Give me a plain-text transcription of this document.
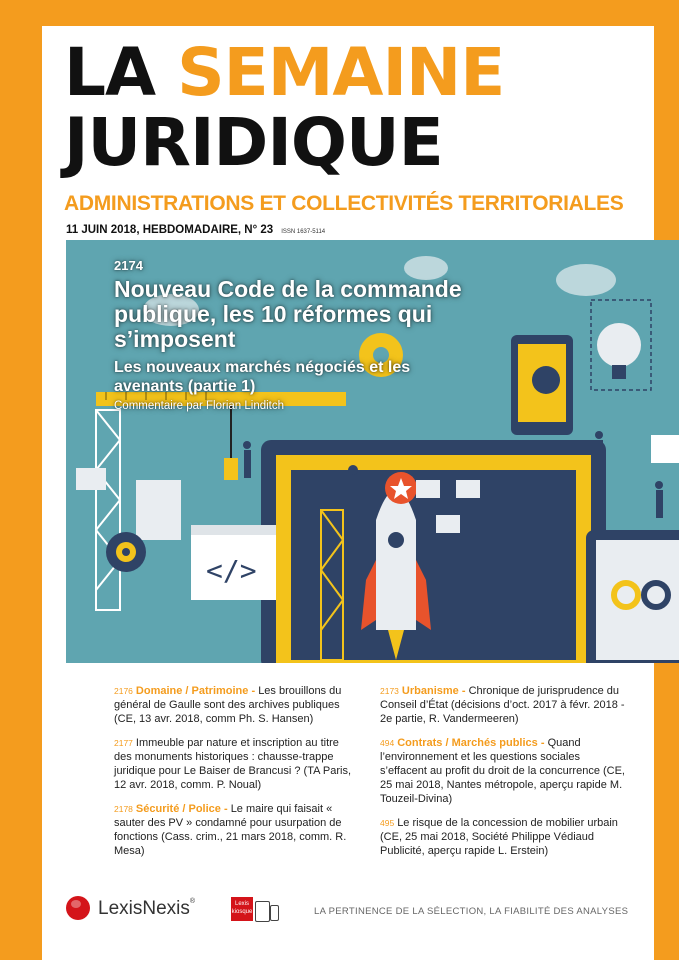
LA SEMAINE
JURIDIQUE
ADMINISTRATIONS ET COLLECTIVITÉS TERRITORIALES
11 JUIN 2018, HEBDOMADAIRE, N° 23 ISSN 1637-5114
</>
2174
Nouveau Code de la commande publique, les 10 réformes qui s’imposent
Les nouveaux marchés négociés et les avenants (partie 1)
Commentaire par Florian Linditch
2176 Domaine / Patrimoine - Les brouillons du général de Gaulle sont des archives publiques (CE, 13 avr. 2018, comm Ph. S. Hansen)
2177 Immeuble par nature et inscription au titre des monuments historiques : chausse-trappe juridique pour Le Baiser de Brancusi ? (TA Paris, 12 avr. 2018, comm. P. Noual)
2178 Sécurité / Police - Le maire qui faisait « sauter des PV » condamné pour usurpation de fonctions (Cass. crim., 21 mars 2018, comm. R. Mesa)
2173 Urbanisme - Chronique de jurisprudence du Conseil d’État (décisions d’oct. 2017 à févr. 2018 - 2e partie, R. Vandermeeren)
494 Contrats / Marchés publics - Quand l’environnement et les questions sociales s’effacent au profit du droit de la concurrence (CE, 25 mai 2018, Nantes métropole, aperçu rapide M. Touzeil-Divina)
495 Le risque de la concession de mobilier urbain (CE, 25 mai 2018, Société Philippe Védiaud Publicité, aperçu rapide L. Erstein)
LexisNexis®	Lexis kiosque	LA PERTINENCE DE LA SÉLECTION, LA FIABILITÉ DES ANALYSES
